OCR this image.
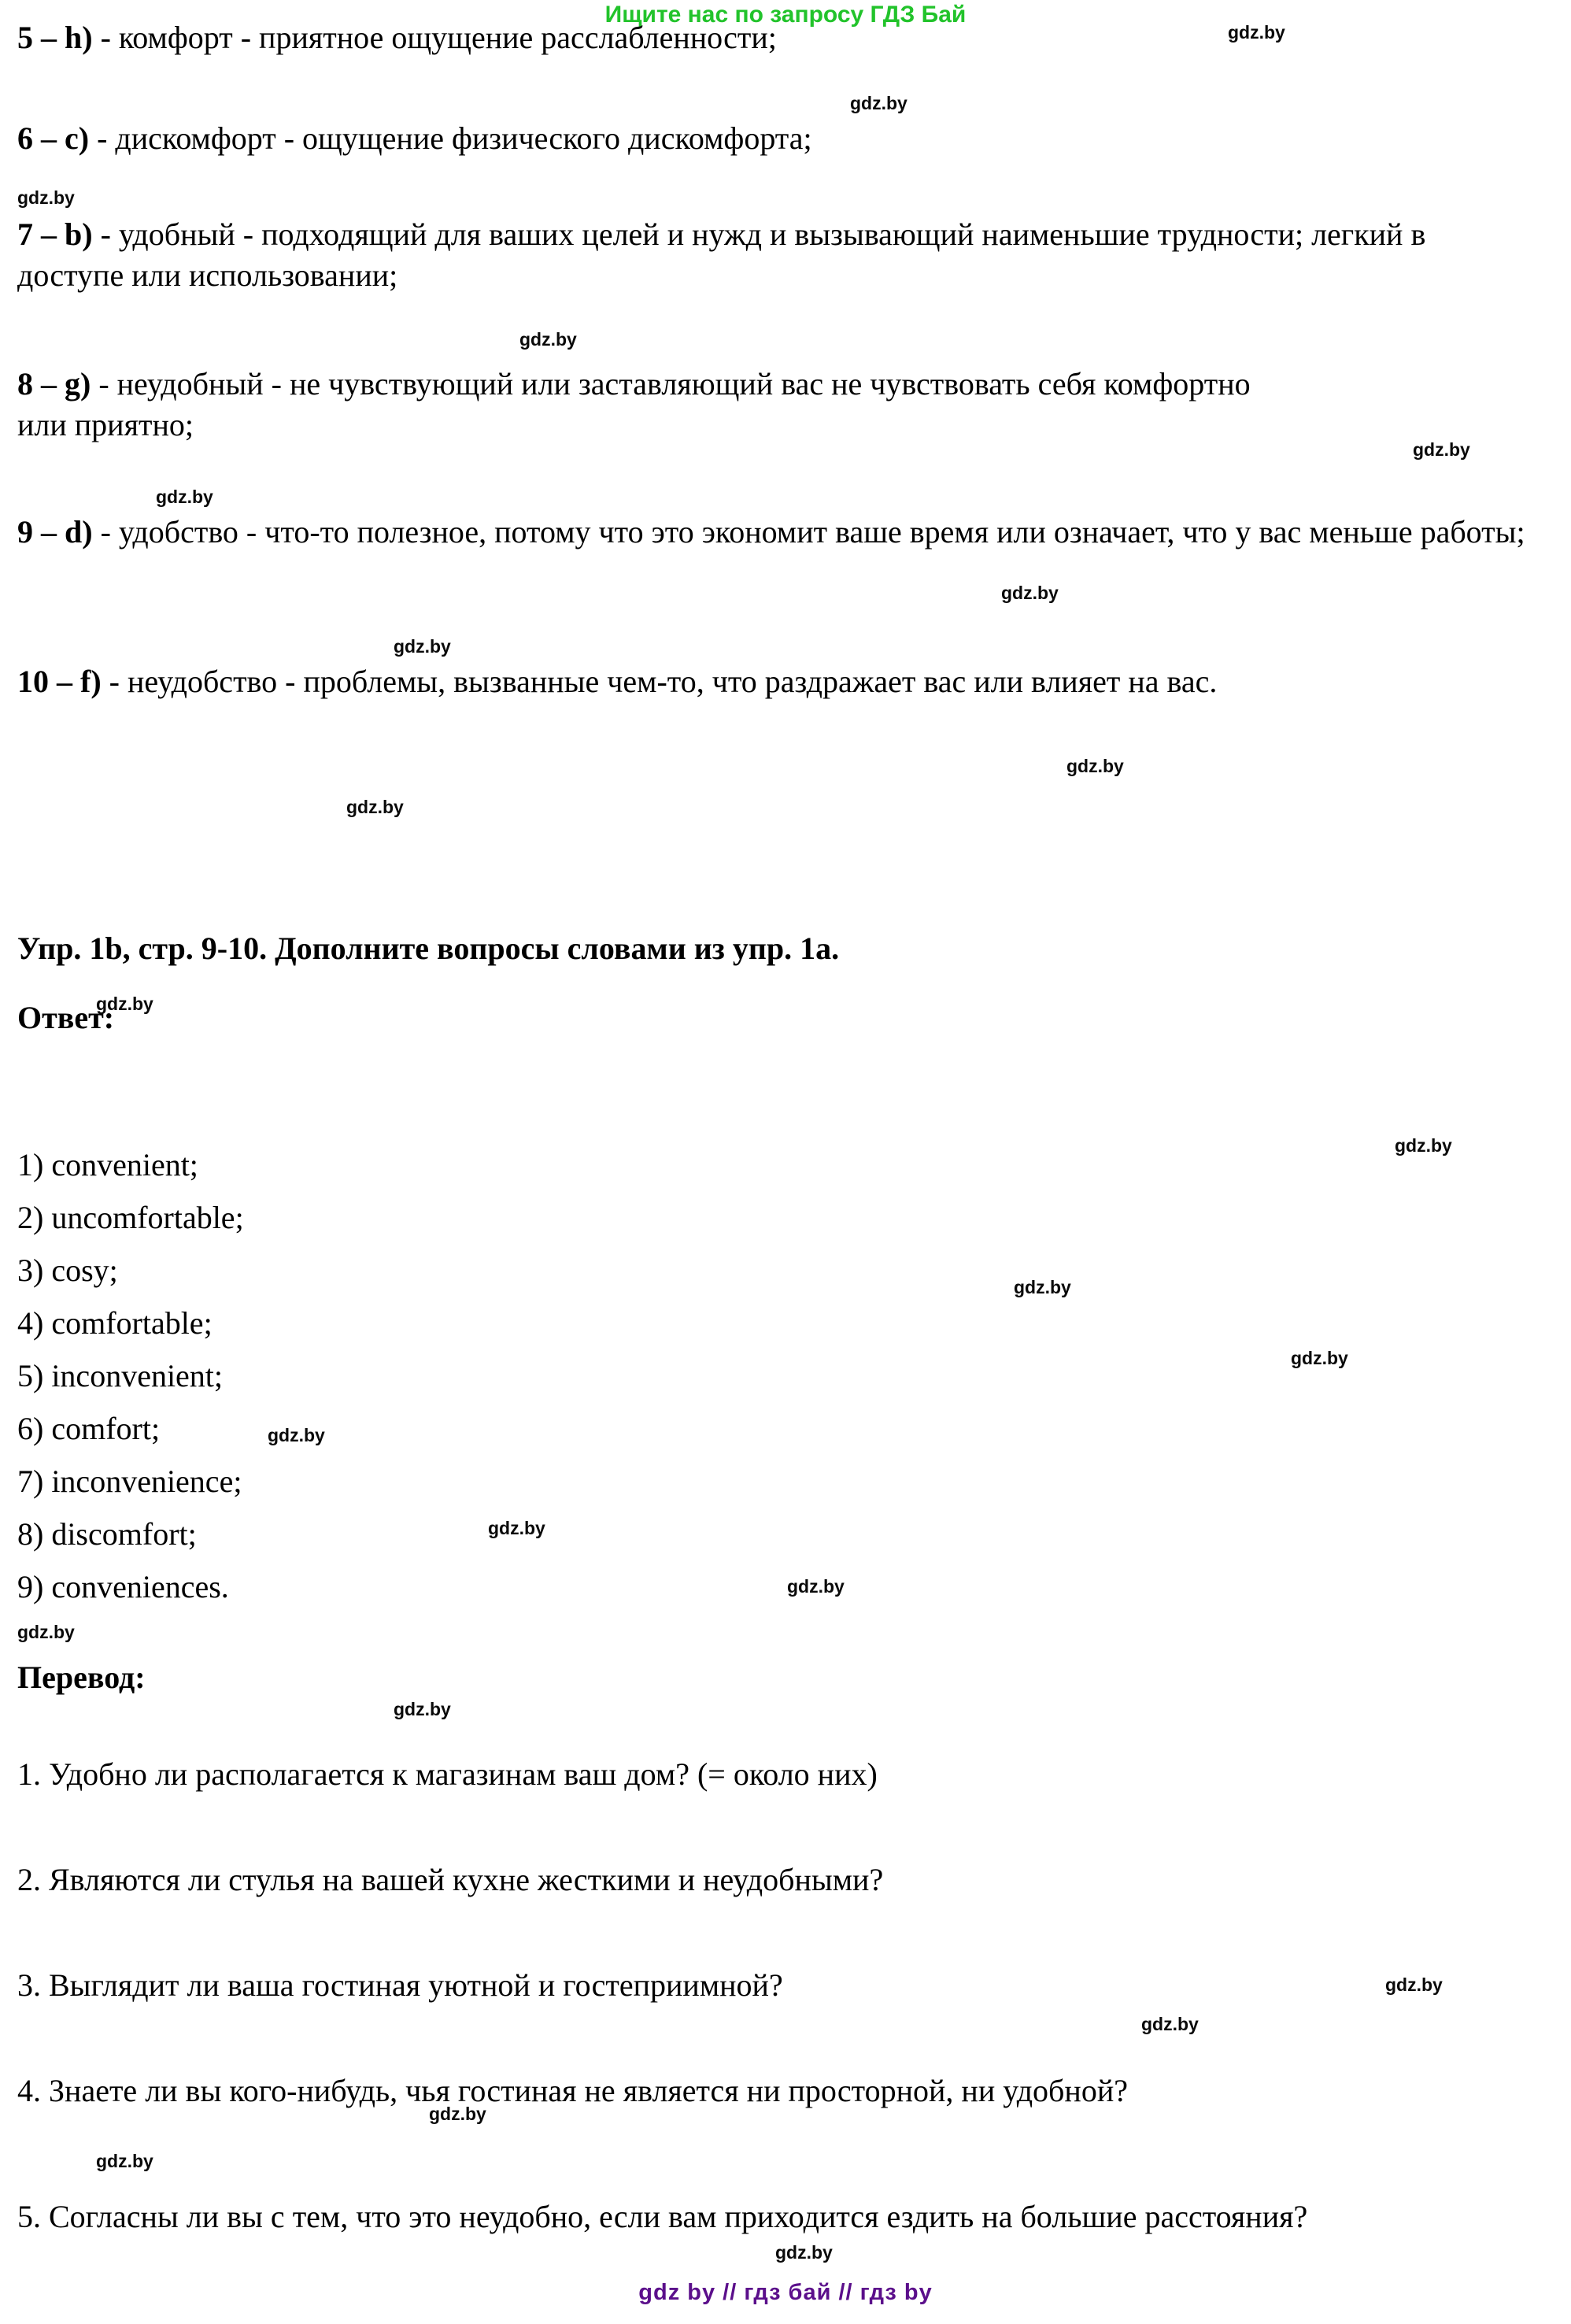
Ищите нас по запросу ГДЗ Бай
5 – h) - комфорт - приятное ощущение расслабленности;
6 – c) - дискомфорт - ощущение физического дискомфорта;
7 – b) - удобный - подходящий для ваших целей и нужд и вызывающий наименьшие трудности; легкий в доступе или использовании;
8 – g) - неудобный - не чувствующий или заставляющий вас не чувствовать себя комфортно или приятно;
9 – d) - удобство - что-то полезное, потому что это экономит ваше время или означает, что у вас меньше работы;
10 – f) - неудобство - проблемы, вызванные чем-то, что раздражает вас или влияет на вас.
Упр. 1b, стр. 9-10. Дополните вопросы словами из упр. 1a.
Ответ:
1) convenient;
2) uncomfortable;
3) cosy;
4) comfortable;
5) inconvenient;
6) comfort;
7) inconvenience;
8) discomfort;
9) conveniences.
Перевод:
1. Удобно ли располагается к магазинам ваш дом? (= около них)
2. Являются ли стулья на вашей кухне жесткими и неудобными?
3. Выглядит ли ваша гостиная уютной и гостеприимной?
4. Знаете ли вы кого-нибудь, чья гостиная не является ни просторной, ни удобной?
5. Согласны ли вы с тем, что это неудобно, если вам приходится ездить на большие расстояния?
gdz.by
gdz.by
gdz.by
gdz.by
gdz.by
gdz.by
gdz.by
gdz.by
gdz.by
gdz.by
gdz.by
gdz.by
gdz.by
gdz.by
gdz.by
gdz.by
gdz.by
gdz.by
gdz.by
gdz.by
gdz.by
gdz.by
gdz.by
gdz.by
gdz by // гдз бай // гдз by
